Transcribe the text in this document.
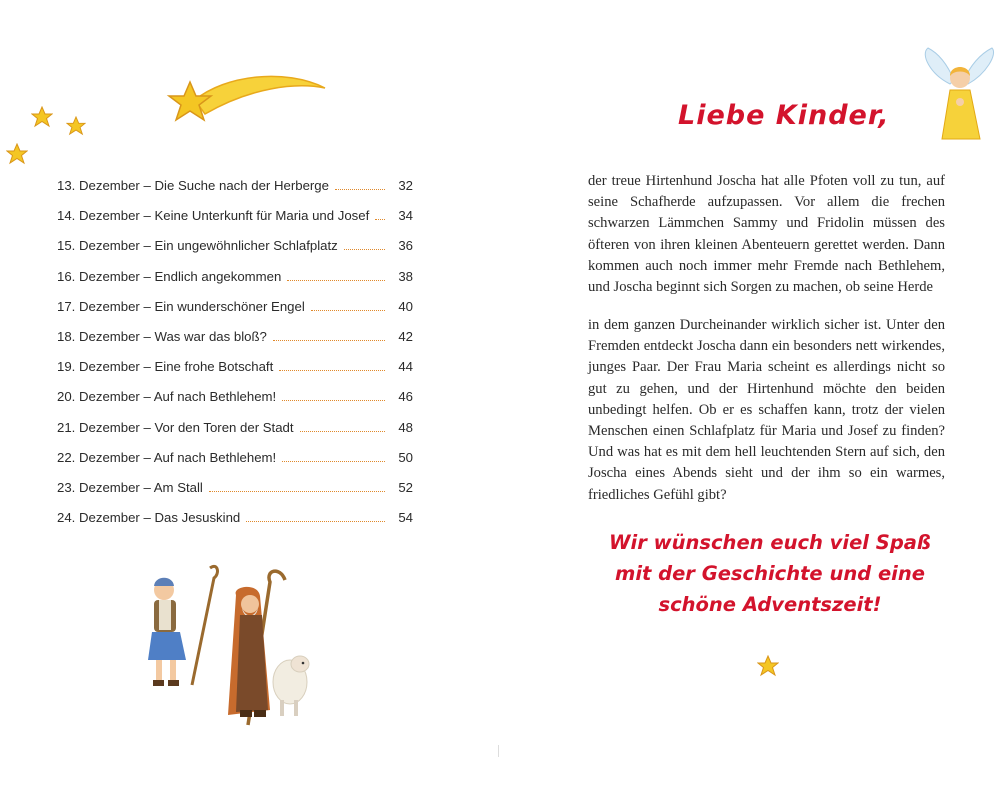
13. Dezember – Die Suche nach der Herberge	32
14. Dezember – Keine Unterkunft für Maria und Josef	34
15. Dezember – Ein ungewöhnlicher Schlafplatz	36
16. Dezember – Endlich angekommen	38
17. Dezember – Ein wunderschöner Engel	40
18. Dezember – Was war das bloß?	42
19. Dezember – Eine frohe Botschaft	44
20. Dezember – Auf nach Bethlehem!	46
21. Dezember – Vor den Toren der Stadt	48
22. Dezember – Auf nach Bethlehem!	50
23. Dezember – Am Stall	52
24. Dezember – Das Jesuskind	54
Liebe Kinder,

der treue Hirtenhund Joscha hat alle Pfoten voll zu tun, auf seine Schafherde aufzupassen. Vor allem die frechen schwarzen Lämmchen Sammy und Fridolin müssen des öfteren von ihren kleinen Abenteuern gerettet werden. Dann kommen auch noch immer mehr Fremde nach Bethlehem, und Joscha beginnt sich Sorgen zu machen, ob seine Herde

in dem ganzen Durcheinander wirklich sicher ist. Unter den Fremden entdeckt Joscha dann ein besonders nett wirkendes, junges Paar. Der Frau Maria scheint es allerdings nicht so gut zu gehen, und der Hirtenhund möchte den beiden unbedingt helfen. Ob er es schaffen kann, trotz der vielen Menschen einen Schlafplatz für Maria und Josef zu finden? Und was hat es mit dem hell leuchtenden Stern auf sich, den Joscha eines Abends sieht und der ihm so ein warmes, friedliches Gefühl gibt?

Wir wünschen euch viel Spaß
mit der Geschichte und eine
schöne Adventszeit!
